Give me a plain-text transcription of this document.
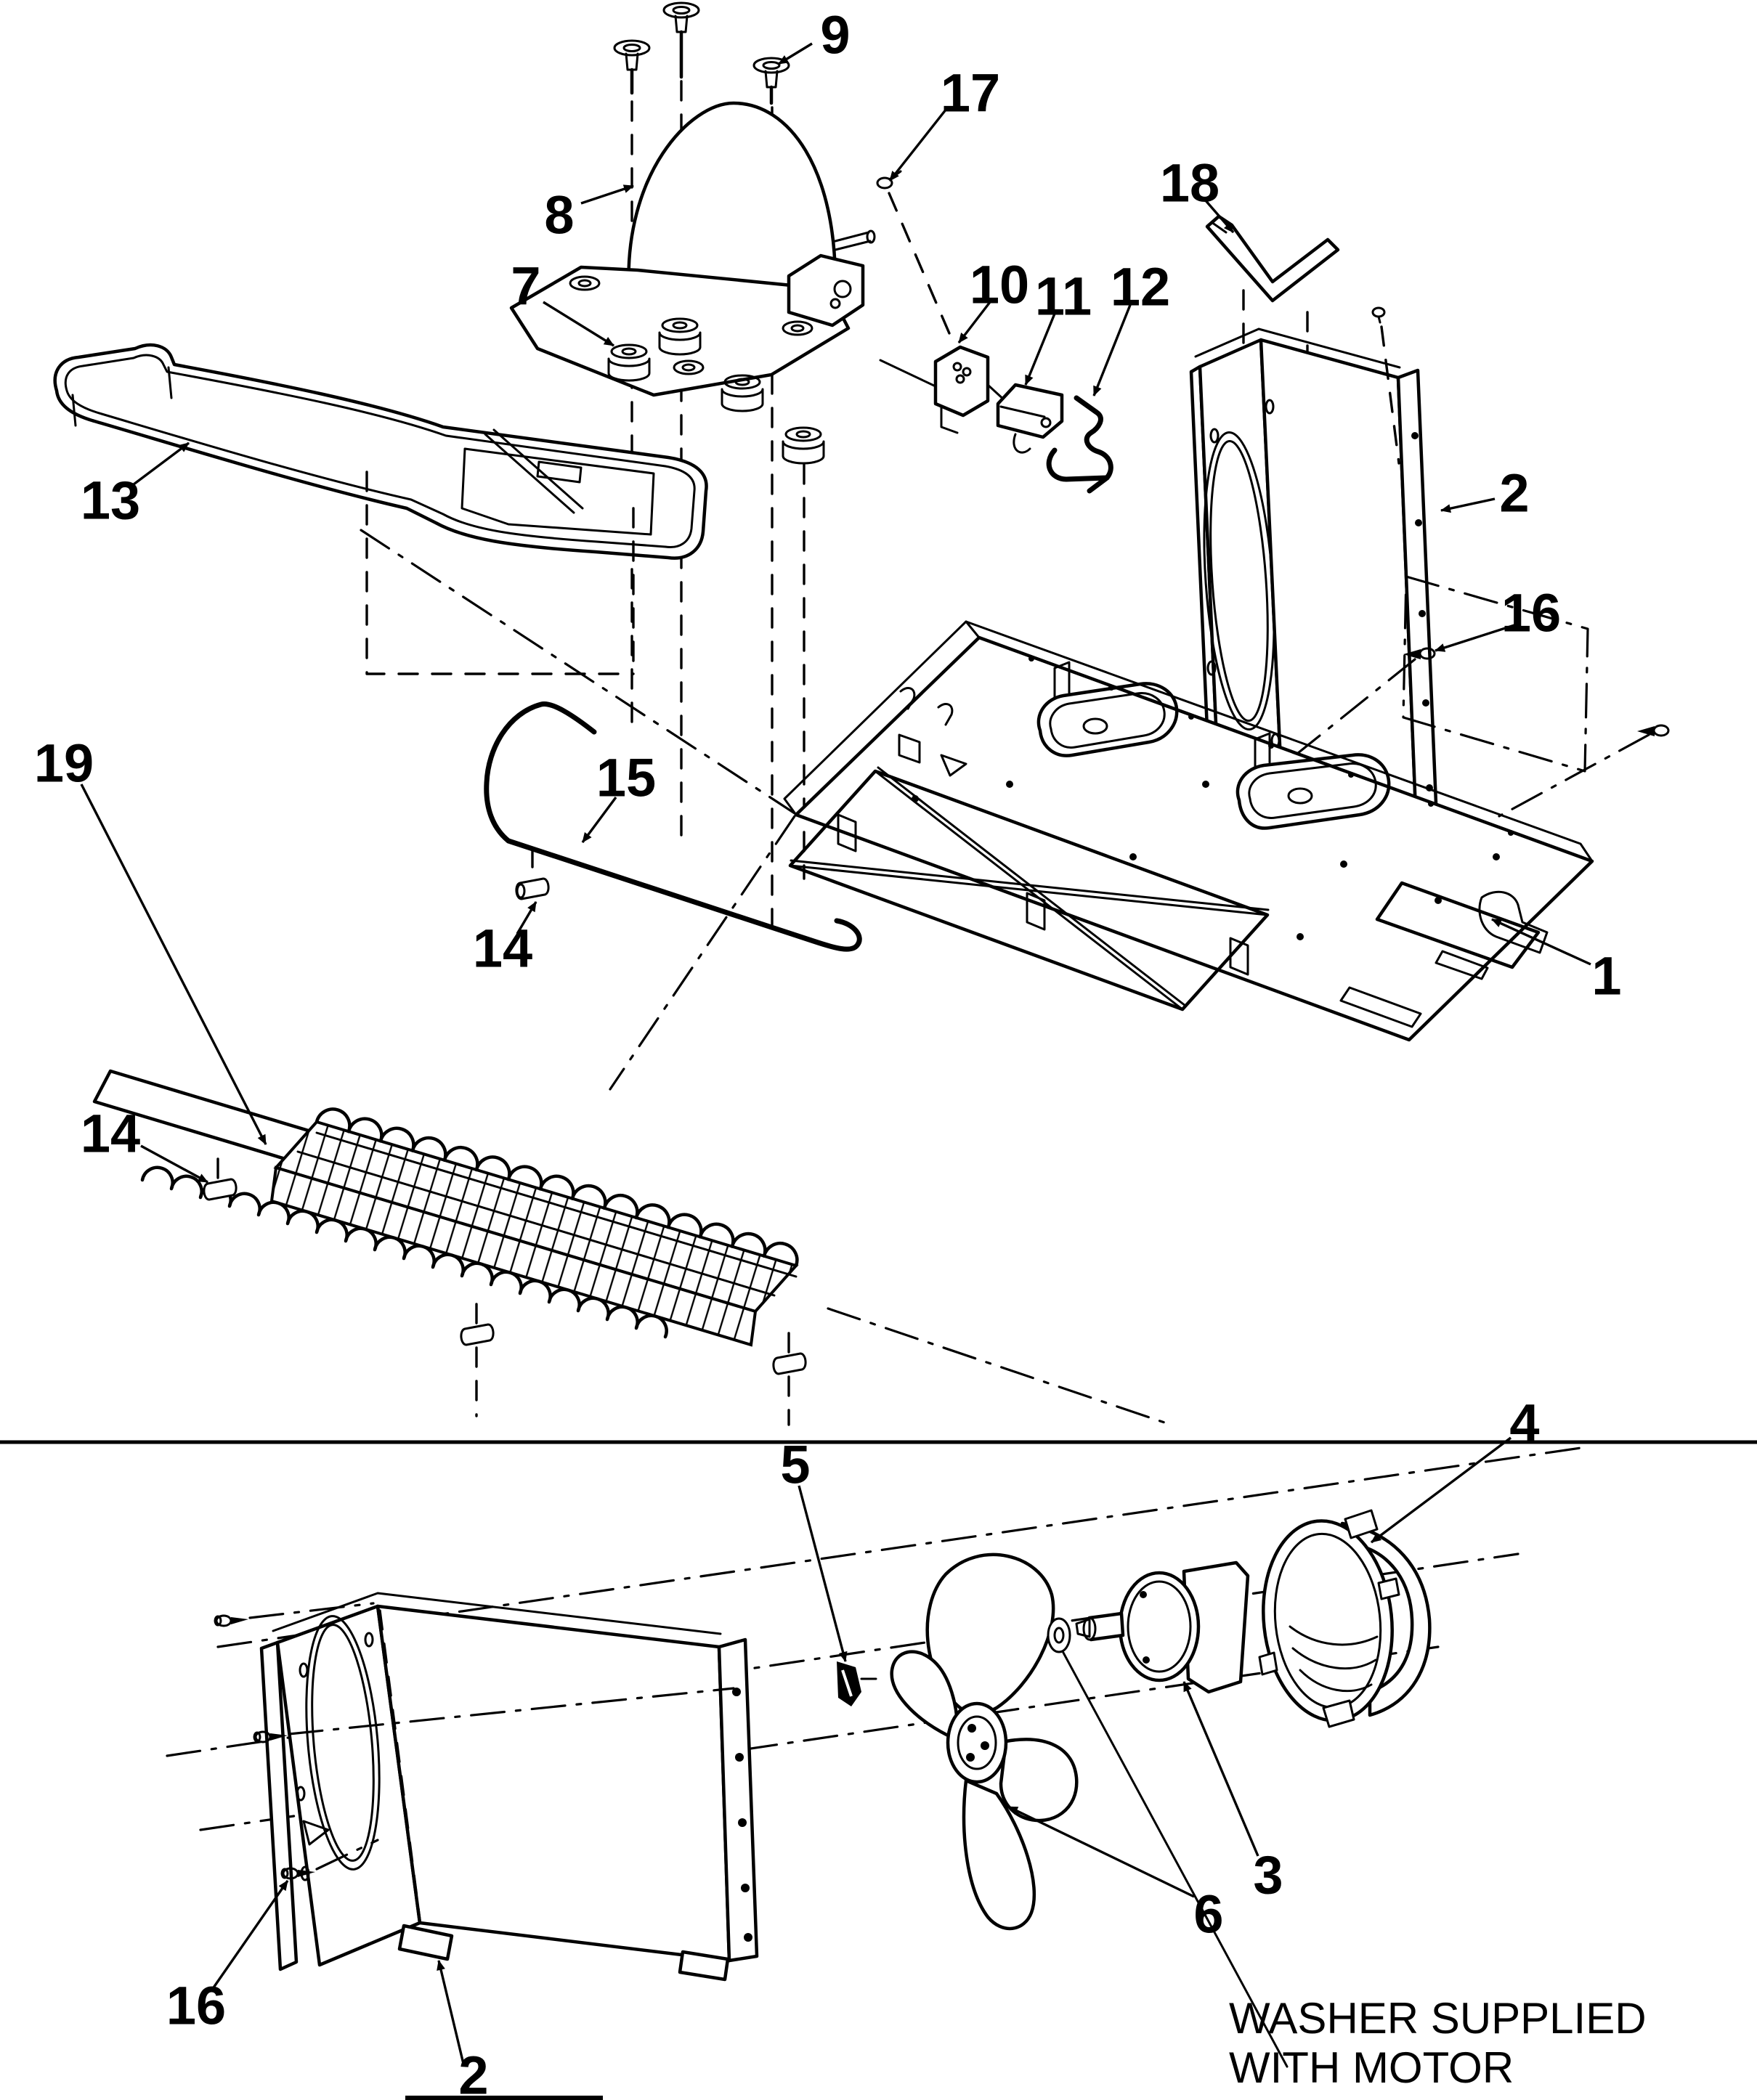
WASHER SUPPLIED
WITH MOTOR
9
17
8
7	10 11 12
18
2
16
13
15
14
19
14
1
5
6
3
4
2
16
